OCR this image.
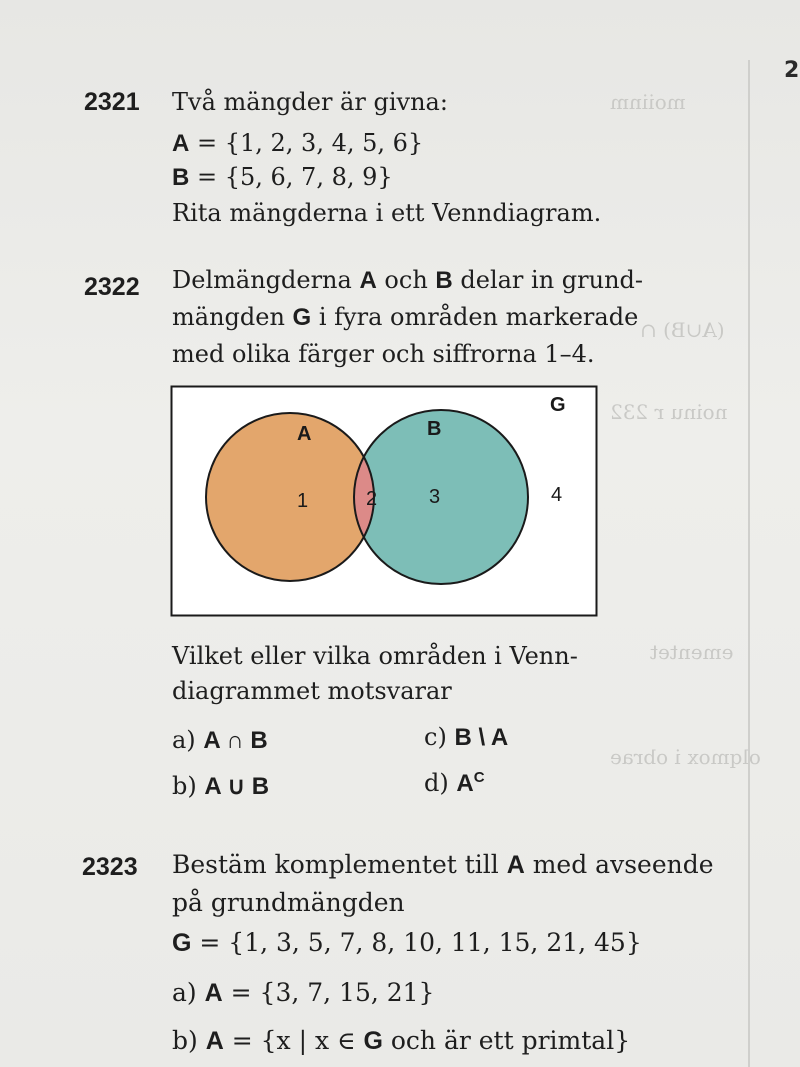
2
moiinm
(A∪B) ∩
noinu r 232
ementet
olqmox i obrae
2321 Två mängder är givna:
A = {1, 2, 3, 4, 5, 6}
B = {5, 6, 7, 8, 9}
Rita mängderna i ett Venndiagram.
2322 Delmängderna A och B delar in grund-
mängden G i fyra områden markerade
med olika färger och siffrorna 1–4.
G
A	B
1	2	3	4
Vilket eller vilka områden i Venn-
diagrammet motsvarar
a) A ∩ B	c) B \ A
b) A ∪ B	d) $A^C$
2323 Bestäm komplementet till A med avseende
på grundmängden
G = {1, 3, 5, 7, 8, 10, 11, 15, 21, 45}
a) A = {3, 7, 15, 21}
b) A = {x | x ∈ G och är ett primtal}
